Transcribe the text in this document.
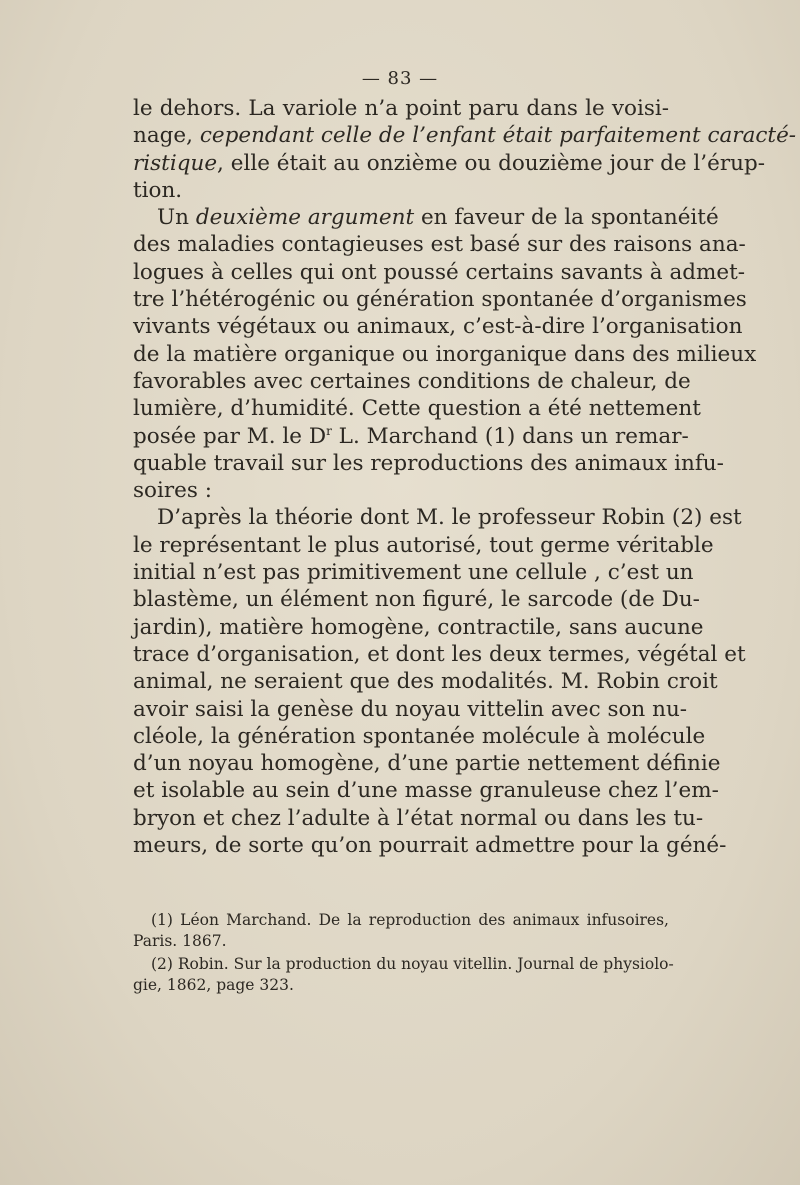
— 83 —

le dehors. La variole n’a point paru dans le voisi-
nage, cependant celle de l’enfant était parfaitement caracté-
ristique, elle était au onzième ou douzième jour de l’érup-
tion.

Un deuxième argument en faveur de la spontanéité
des maladies contagieuses est basé sur des raisons ana-
logues à celles qui ont poussé certains savants à admet-
tre l’hétérogénic ou génération spontanée d’organismes
vivants végétaux ou animaux, c’est-à-dire l’organisation
de la matière organique ou inorganique dans des milieux
favorables avec certaines conditions de chaleur, de
lumière, d’humidité. Cette question a été nettement
posée par M. le $D^r$ L. Marchand (1) dans un remar-
quable travail sur les reproductions des animaux infu-
soires :

D’après la théorie dont M. le professeur Robin (2) est
le représentant le plus autorisé, tout germe véritable
initial n’est pas primitivement une cellule , c’est un
blastème, un élément non figuré, le sarcode (de Du-
jardin), matière homogène, contractile, sans aucune
trace d’organisation, et dont les deux termes, végétal et
animal, ne seraient que des modalités. M. Robin croit
avoir saisi la genèse du noyau vittelin avec son nu-
cléole, la génération spontanée molécule à molécule
d’un noyau homogène, d’une partie nettement définie
et isolable au sein d’une masse granuleuse chez l’em-
bryon et chez l’adulte à l’état normal ou dans les tu-
meurs, de sorte qu’on pourrait admettre pour la géné-

(1) Léon Marchand. De la reproduction des animaux infusoires,
Paris. 1867.
(2) Robin. Sur la production du noyau vitellin. Journal de physiolo-
gie, 1862, page 323.
